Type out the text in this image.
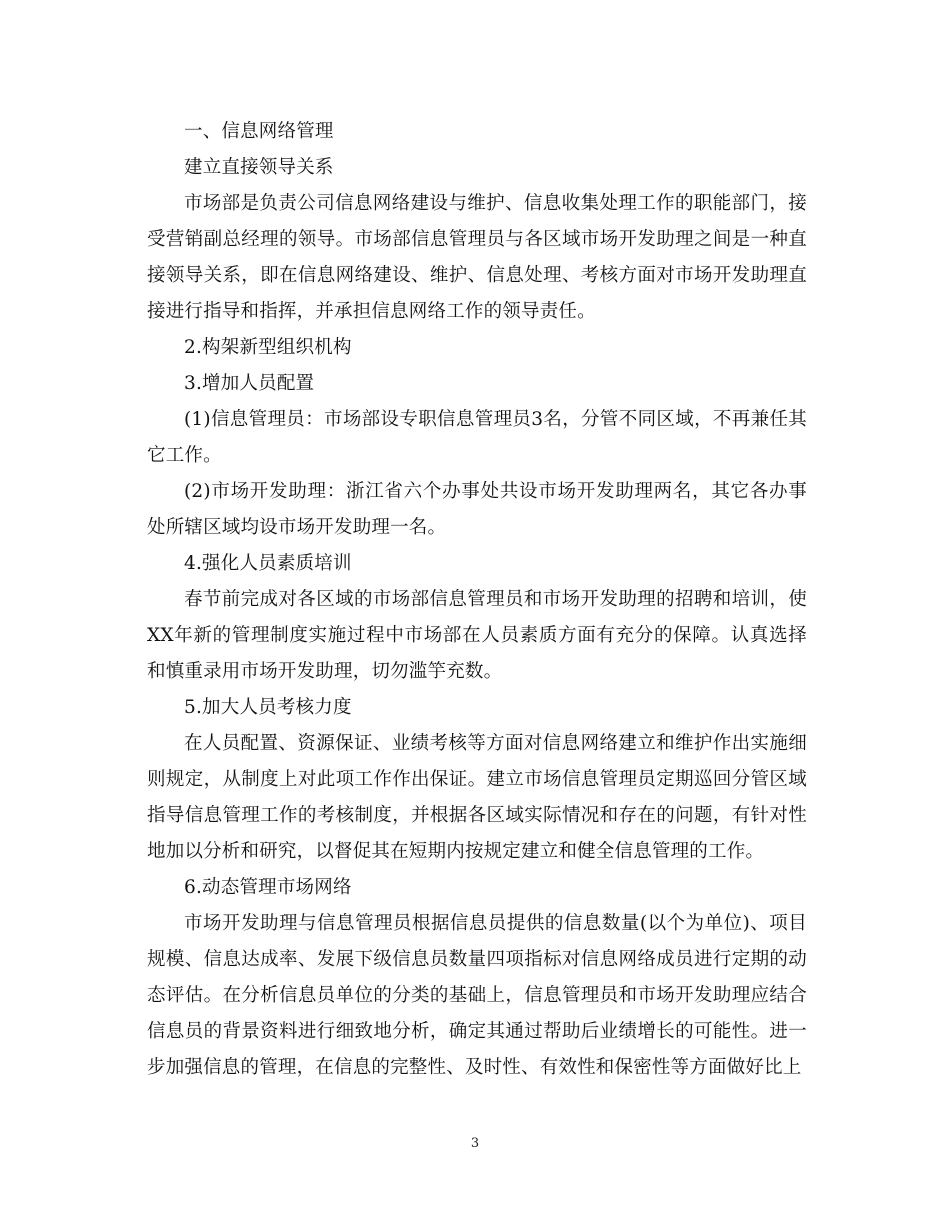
一、信息网络管理

建立直接领导关系

市场部是负责公司信息网络建设与维护、信息收集处理工作的职能部门，接受营销副总经理的领导。市场部信息管理员与各区域市场开发助理之间是一种直接领导关系，即在信息网络建设、维护、信息处理、考核方面对市场开发助理直接进行指导和指挥，并承担信息网络工作的领导责任。

2.构架新型组织机构

3.增加人员配置

(1)信息管理员：市场部设专职信息管理员3名，分管不同区域，不再兼任其它工作。

(2)市场开发助理：浙江省六个办事处共设市场开发助理两名，其它各办事处所辖区域均设市场开发助理一名。

4.强化人员素质培训

春节前完成对各区域的市场部信息管理员和市场开发助理的招聘和培训，使XX年新的管理制度实施过程中市场部在人员素质方面有充分的保障。认真选择和慎重录用市场开发助理，切勿滥竽充数。

5.加大人员考核力度

在人员配置、资源保证、业绩考核等方面对信息网络建立和维护作出实施细则规定，从制度上对此项工作作出保证。建立市场信息管理员定期巡回分管区域指导信息管理工作的考核制度，并根据各区域实际情况和存在的问题，有针对性地加以分析和研究，以督促其在短期内按规定建立和健全信息管理的工作。

6.动态管理市场网络

市场开发助理与信息管理员根据信息员提供的信息数量(以个为单位)、项目规模、信息达成率、发展下级信息员数量四项指标对信息网络成员进行定期的动态评估。在分析信息员单位的分类的基础上，信息管理员和市场开发助理应结合信息员的背景资料进行细致地分析，确定其通过帮助后业绩增长的可能性。进一步加强信息的管理，在信息的完整性、及时性、有效性和保密性等方面做好比上

3
